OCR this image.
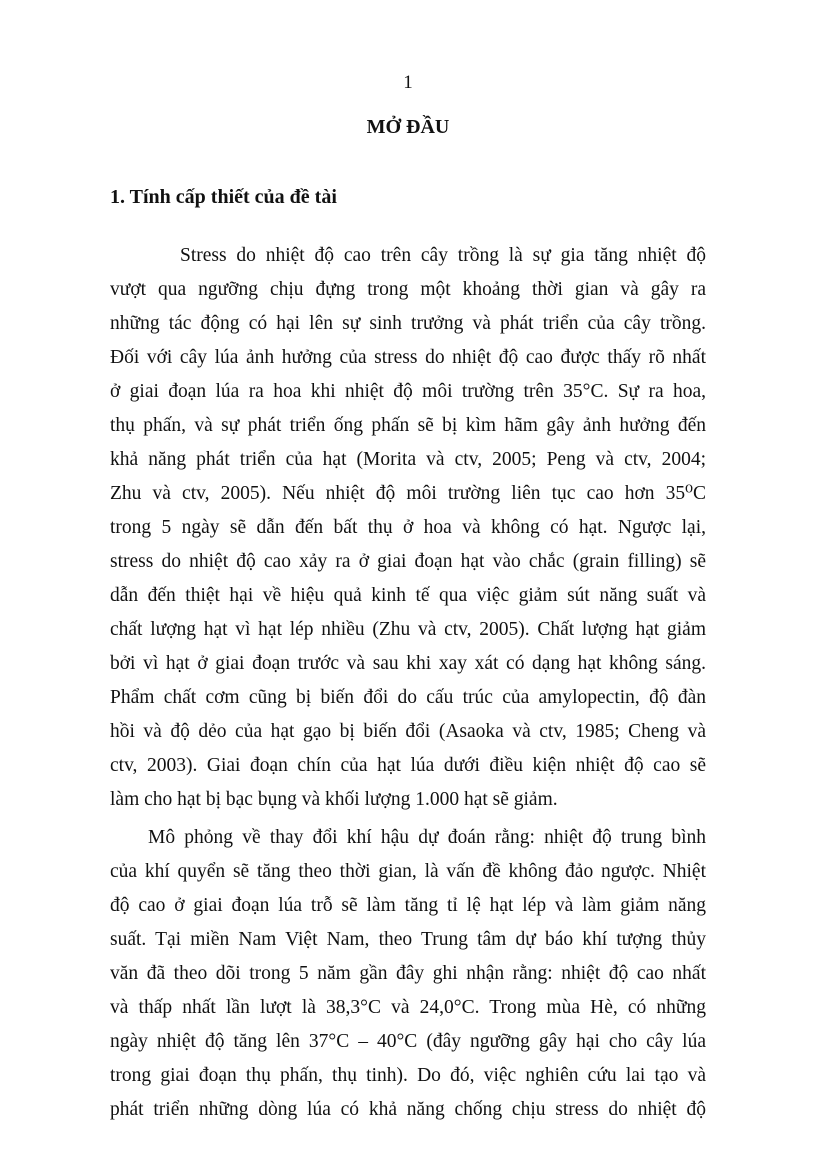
1
MỞ ĐẦU
1. Tính cấp thiết của đề tài
Stress do nhiệt độ cao trên cây trồng là sự gia tăng nhiệt độ
vượt qua ngưỡng chịu đựng trong một khoảng thời gian và gây ra
những tác động có hại lên sự sinh trưởng và phát triển của cây trồng.
Đối với cây lúa ảnh hưởng của stress do nhiệt độ cao được thấy rõ nhất
ở giai đoạn lúa ra hoa khi nhiệt độ môi trường trên 35°C. Sự ra hoa,
thụ phấn, và sự phát triển ống phấn sẽ bị kìm hãm gây ảnh hưởng đến
khả năng phát triển của hạt (Morita và ctv, 2005; Peng và ctv, 2004;
Zhu và ctv, 2005). Nếu nhiệt độ môi trường liên tục cao hơn 35⁰C
trong 5 ngày sẽ dẫn đến bất thụ ở hoa và không có hạt. Ngược lại,
stress do nhiệt độ cao xảy ra ở giai đoạn hạt vào chắc (grain filling) sẽ
dẫn đến thiệt hại về hiệu quả kinh tế qua việc giảm sút năng suất và
chất lượng hạt vì hạt lép nhiều (Zhu và ctv, 2005). Chất lượng hạt giảm
bởi vì hạt ở giai đoạn trước và sau khi xay xát có dạng hạt không sáng.
Phẩm chất cơm cũng bị biến đổi do cấu trúc của amylopectin, độ đàn
hồi và độ dẻo của hạt gạo bị biến đổi (Asaoka và ctv, 1985; Cheng và
ctv, 2003). Giai đoạn chín của hạt lúa dưới điều kiện nhiệt độ cao sẽ
làm cho hạt bị bạc bụng và khối lượng 1.000 hạt sẽ giảm.
Mô phỏng về thay đổi khí hậu dự đoán rằng: nhiệt độ trung bình
của khí quyển sẽ tăng theo thời gian, là vấn đề không đảo ngược. Nhiệt
độ cao ở giai đoạn lúa trỗ sẽ làm tăng tỉ lệ hạt lép và làm giảm năng
suất. Tại miền Nam Việt Nam, theo Trung tâm dự báo khí tượng thủy
văn đã theo dõi trong 5 năm gần đây ghi nhận rằng: nhiệt độ cao nhất
và thấp nhất lần lượt là 38,3°C và 24,0°C. Trong mùa Hè, có những
ngày nhiệt độ tăng lên 37°C – 40°C (đây ngưỡng gây hại cho cây lúa
trong giai đoạn thụ phấn, thụ tinh). Do đó, việc nghiên cứu lai tạo và
phát triển những dòng lúa có khả năng chống chịu stress do nhiệt độ
